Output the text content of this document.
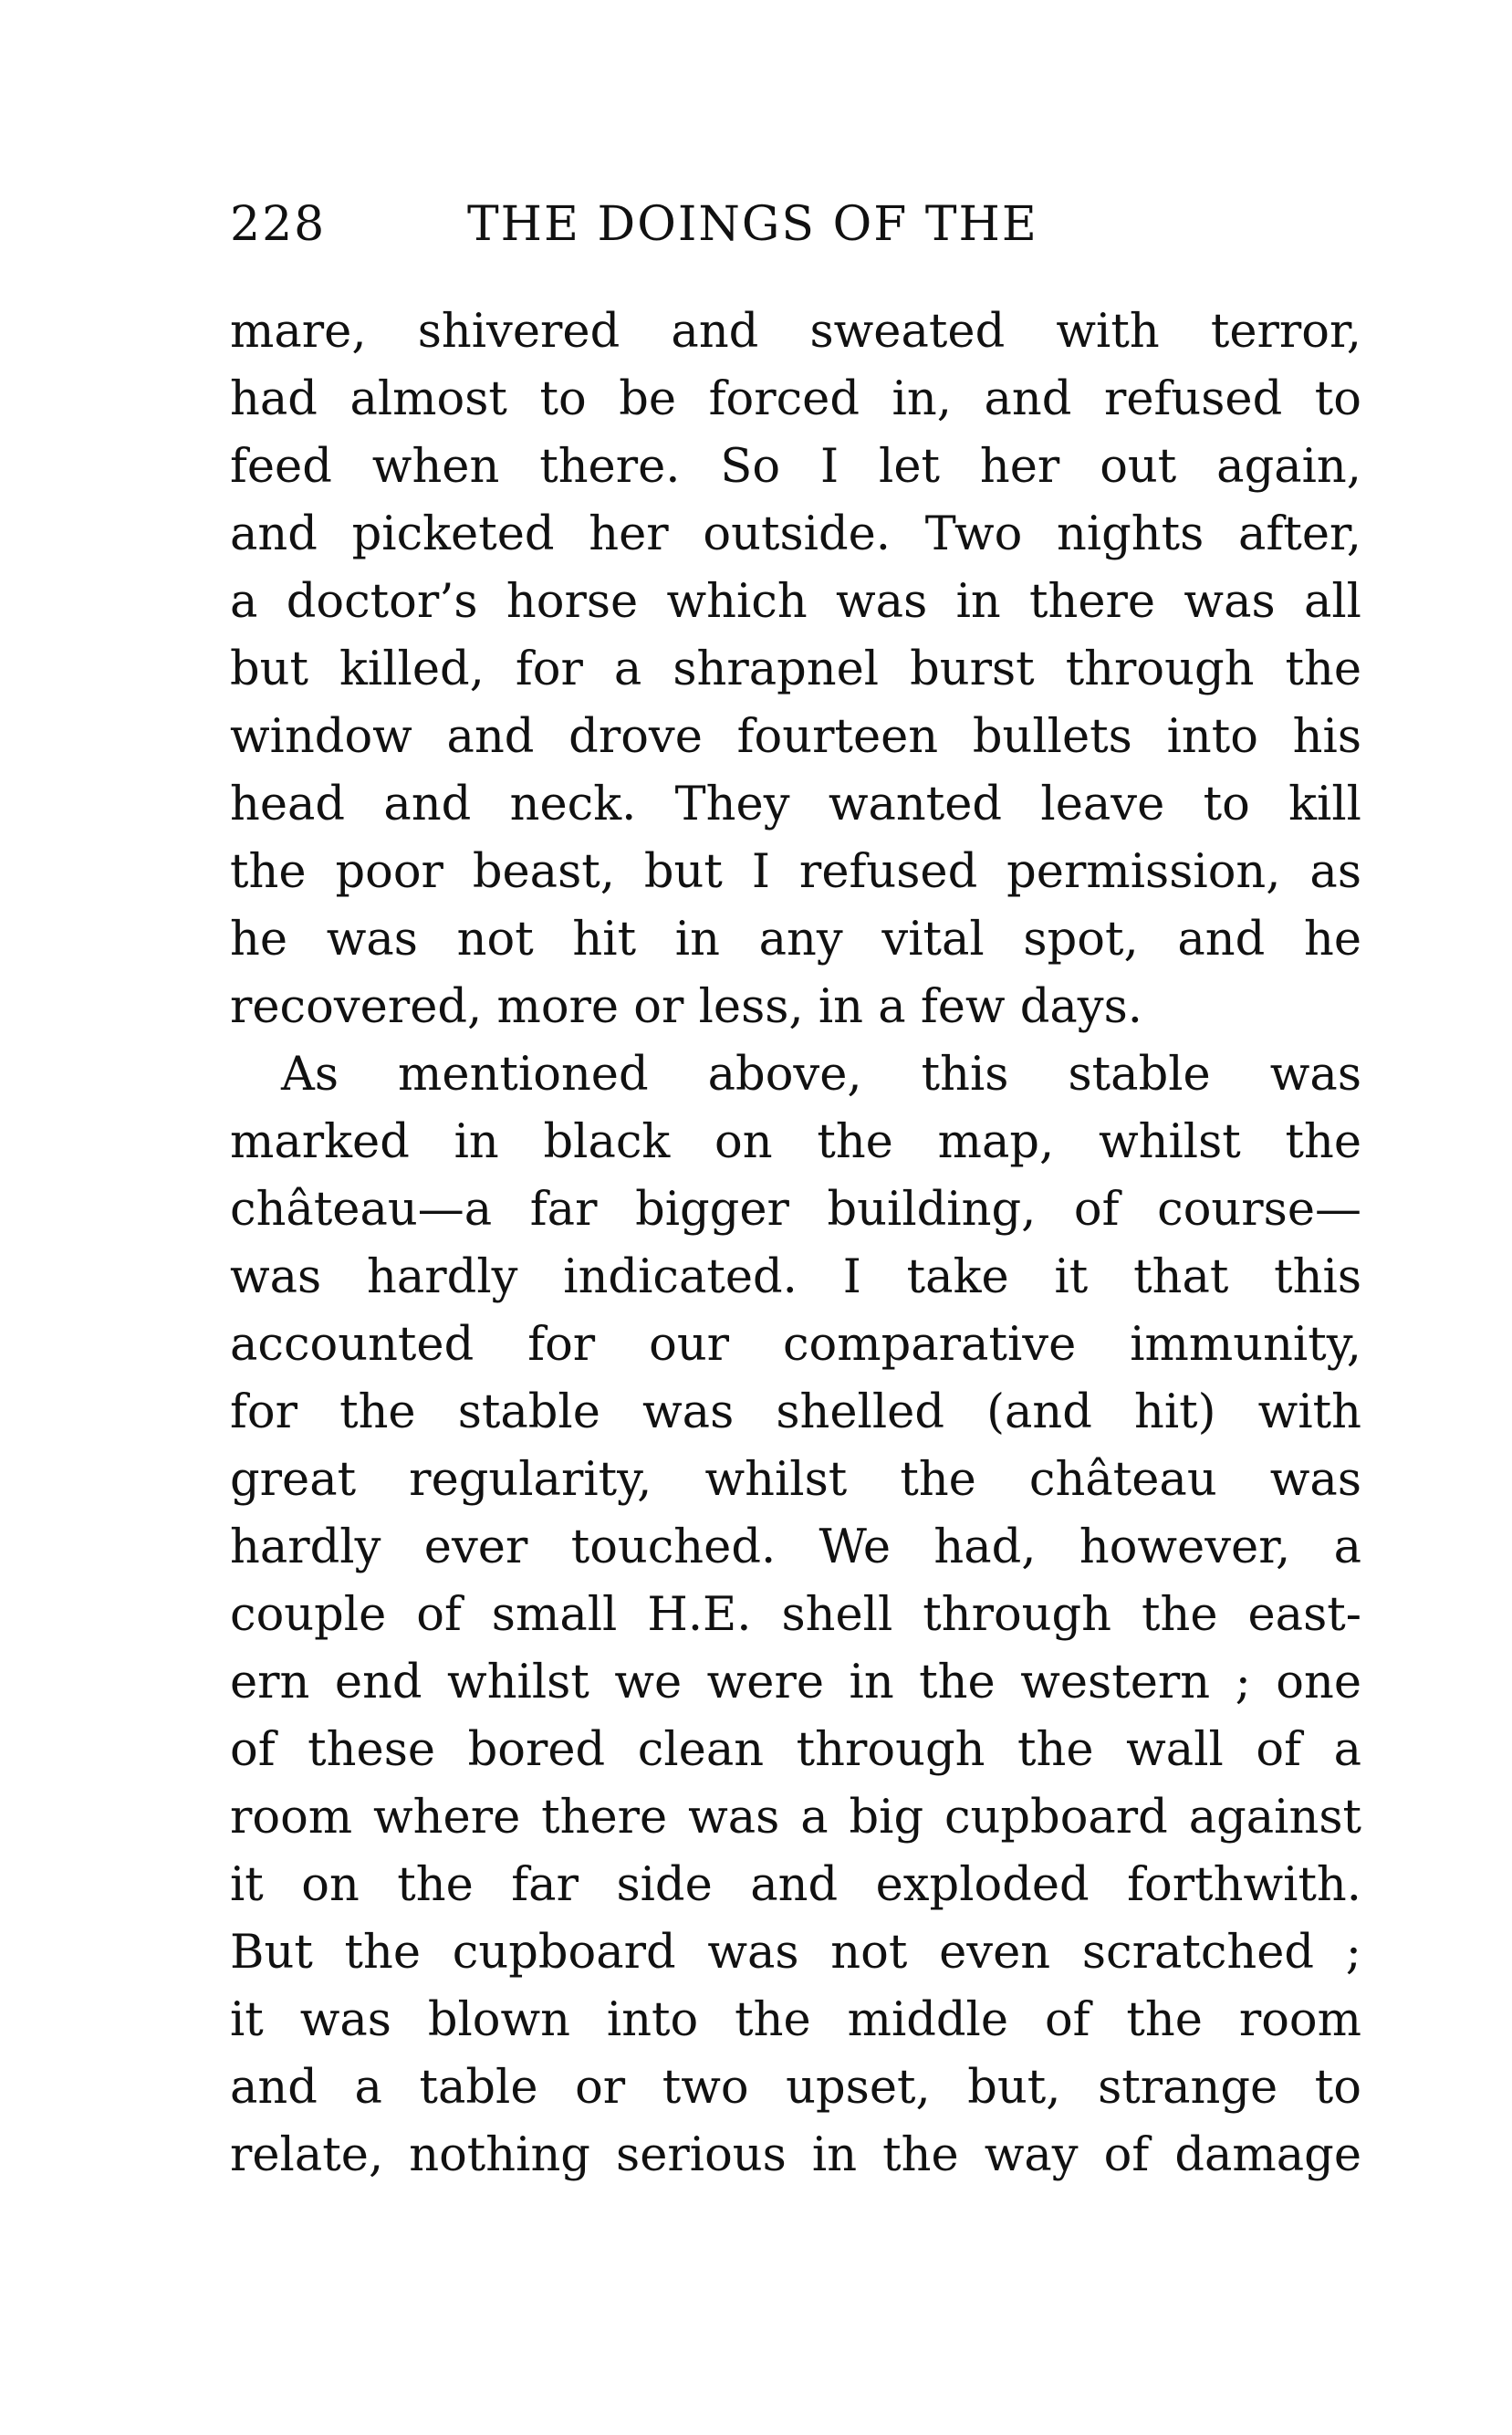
228	THE DOINGS OF THE
mare, shivered and sweated with terror,
had almost to be forced in, and refused to
feed when there. So I let her out again,
and picketed her outside. Two nights after,
a doctor’s horse which was in there was all
but killed, for a shrapnel burst through the
window and drove fourteen bullets into his
head and neck. They wanted leave to kill
the poor beast, but I refused permission, as
he was not hit in any vital spot, and he
recovered, more or less, in a few days.
As mentioned above, this stable was
marked in black on the map, whilst the
château—a far bigger building, of course—
was hardly indicated. I take it that this
accounted for our comparative immunity,
for the stable was shelled (and hit) with
great regularity, whilst the château was
hardly ever touched. We had, however, a
couple of small H.E. shell through the east-
ern end whilst we were in the western ; one
of these bored clean through the wall of a
room where there was a big cupboard against
it on the far side and exploded forthwith.
But the cupboard was not even scratched ;
it was blown into the middle of the room
and a table or two upset, but, strange to
relate, nothing serious in the way of damage
